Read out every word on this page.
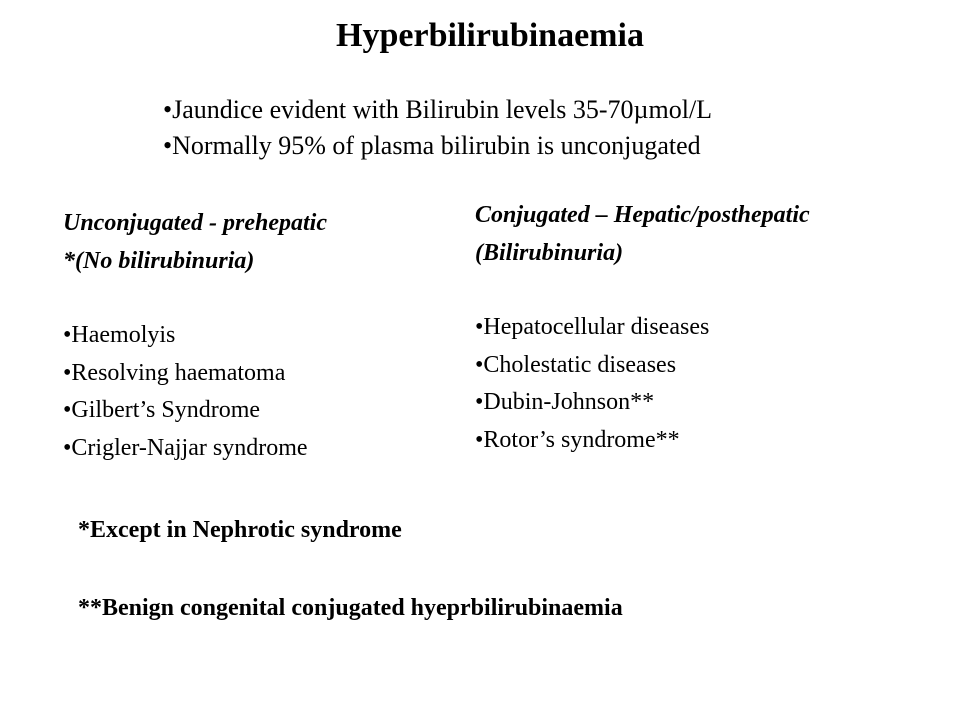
Hyperbilirubinaemia
• Jaundice evident with Bilirubin levels 35-70µmol/L
• Normally 95% of plasma bilirubin is unconjugated
Unconjugated - prehepatic
*(No bilirubinuria)
• Haemolyis
• Resolving haematoma
• Gilbert’s Syndrome
• Crigler-Najjar syndrome
Conjugated – Hepatic/posthepatic
(Bilirubinuria)
• Hepatocellular diseases
• Cholestatic diseases
• Dubin-Johnson**
• Rotor’s syndrome**
*Except in Nephrotic syndrome
**Benign congenital conjugated hyeprbilirubinaemia
